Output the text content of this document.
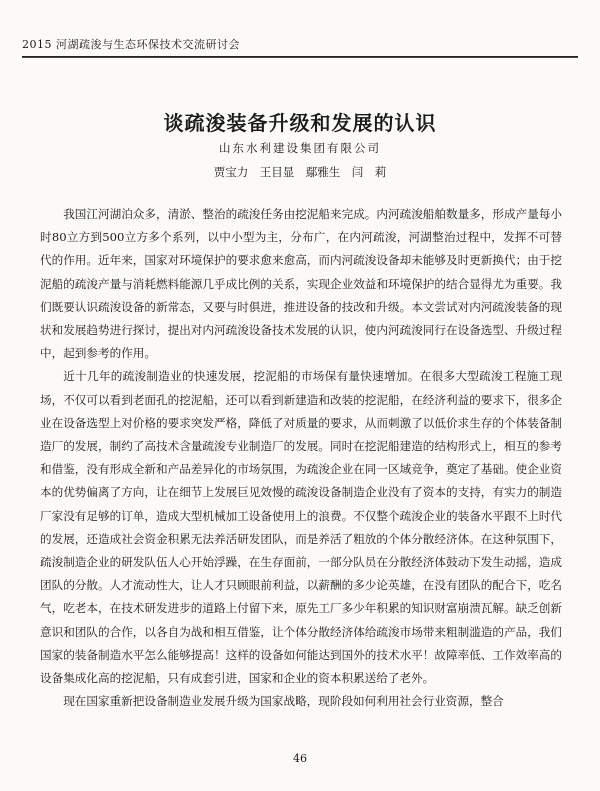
2015 河湖疏浚与生态环保技术交流研讨会
谈疏浚装备升级和发展的认识
山东水利建设集团有限公司
贾宝力　王目显　鄢雅生　闫　莉

我国江河湖泊众多，清淤、整治的疏浚任务由挖泥船来完成。内河疏浚船舶数量多，形成产量每小时80立方到500立方多个系列，以中小型为主，分布广，在内河疏浚，河湖整治过程中，发挥不可替代的作用。近年来，国家对环境保护的要求愈来愈高，而内河疏浚设备却未能够及时更新换代；由于挖泥船的疏浚产量与消耗燃料能源几乎成比例的关系，实现企业效益和环境保护的结合显得尤为重要。我们既要认识疏浚设备的新常态，又要与时俱进，推进设备的技改和升级。本文尝试对内河疏浚装备的现状和发展趋势进行探讨，提出对内河疏浚设备技术发展的认识，使内河疏浚同行在设备选型、升级过程中，起到参考的作用。

近十几年的疏浚制造业的快速发展，挖泥船的市场保有量快速增加。在很多大型疏浚工程施工现场，不仅可以看到老面孔的挖泥船，还可以看到新建造和改装的挖泥船，在经济利益的要求下，很多企业在设备选型上对价格的要求突发严格，降低了对质量的要求，从而刺激了以低价求生存的个体装备制造厂的发展，制约了高技术含量疏浚专业制造厂的发展。同时在挖泥船建造的结构形式上，相互的参考和借鉴，没有形成全新和产品差异化的市场氛围，为疏浚企业在同一区域竞争，奠定了基础。使企业资本的优势偏离了方向，让在细节上发展巨见效慢的疏浚设备制造企业没有了资本的支持，有实力的制造厂家没有足够的订单，造成大型机械加工设备使用上的浪费。不仅整个疏浚企业的装备水平跟不上时代的发展，还造成社会资金积累无法养活研发团队，而是养活了粗放的个体分散经济体。在这种氛围下，疏浚制造企业的研发队伍人心开始浮躁，在生存面前，一部分队员在分散经济体鼓动下发生动摇，造成团队的分散。人才流动性大，让人才只顾眼前利益，以薪酬的多少论英雄，在没有团队的配合下，吃名气，吃老本，在技术研发进步的道路上付留下来，原先工厂多少年积累的知识财富崩溃瓦解。缺乏创新意识和团队的合作，以各自为战和相互借鉴，让个体分散经济体给疏浚市场带来粗制滥造的产品，我们国家的装备制造水平怎么能够提高！这样的设备如何能达到国外的技术水平！故障率低、工作效率高的设备集成化高的挖泥船，只有成套引进，国家和企业的资本积累送给了老外。

现在国家重新把设备制造业发展升级为国家战略，现阶段如何利用社会行业资源，整合

46
